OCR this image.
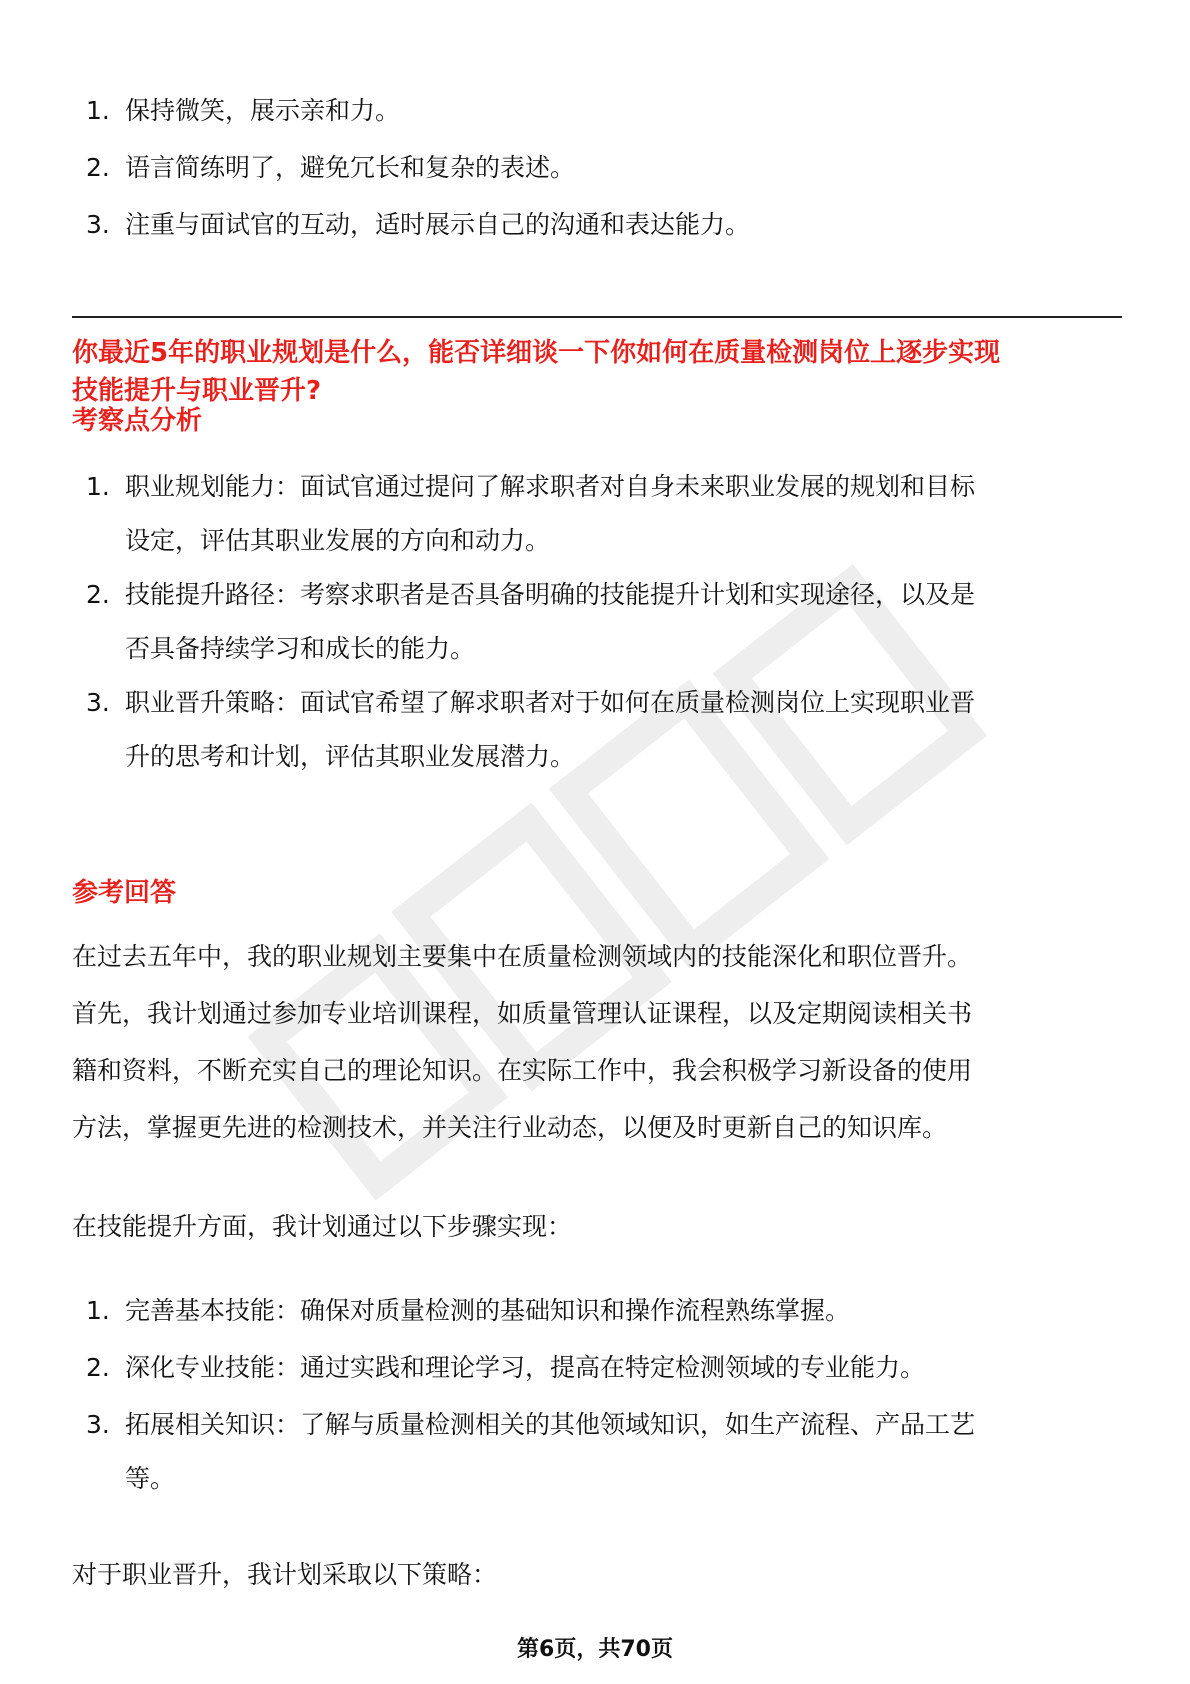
1. 保持微笑，展示亲和力。
2. 语言简练明了，避免冗长和复杂的表述。
3. 注重与面试官的互动，适时展示自己的沟通和表达能力。
你最近5年的职业规划是什么，能否详细谈一下你如何在质量检测岗位上逐步实现
技能提升与职业晋升?
考察点分析
1. 职业规划能力：面试官通过提问了解求职者对自身未来职业发展的规划和目标
设定，评估其职业发展的方向和动力。
2. 技能提升路径：考察求职者是否具备明确的技能提升计划和实现途径，以及是
否具备持续学习和成长的能力。
3. 职业晋升策略：面试官希望了解求职者对于如何在质量检测岗位上实现职业晋
升的思考和计划，评估其职业发展潜力。
参考回答
在过去五年中，我的职业规划主要集中在质量检测领域内的技能深化和职位晋升。
首先，我计划通过参加专业培训课程，如质量管理认证课程，以及定期阅读相关书
籍和资料，不断充实自己的理论知识。在实际工作中，我会积极学习新设备的使用
方法，掌握更先进的检测技术，并关注行业动态，以便及时更新自己的知识库。
在技能提升方面，我计划通过以下步骤实现：
1. 完善基本技能：确保对质量检测的基础知识和操作流程熟练掌握。
2. 深化专业技能：通过实践和理论学习，提高在特定检测领域的专业能力。
3. 拓展相关知识：了解与质量检测相关的其他领域知识，如生产流程、产品工艺
等。
对于职业晋升，我计划采取以下策略：
第6页，共70页
